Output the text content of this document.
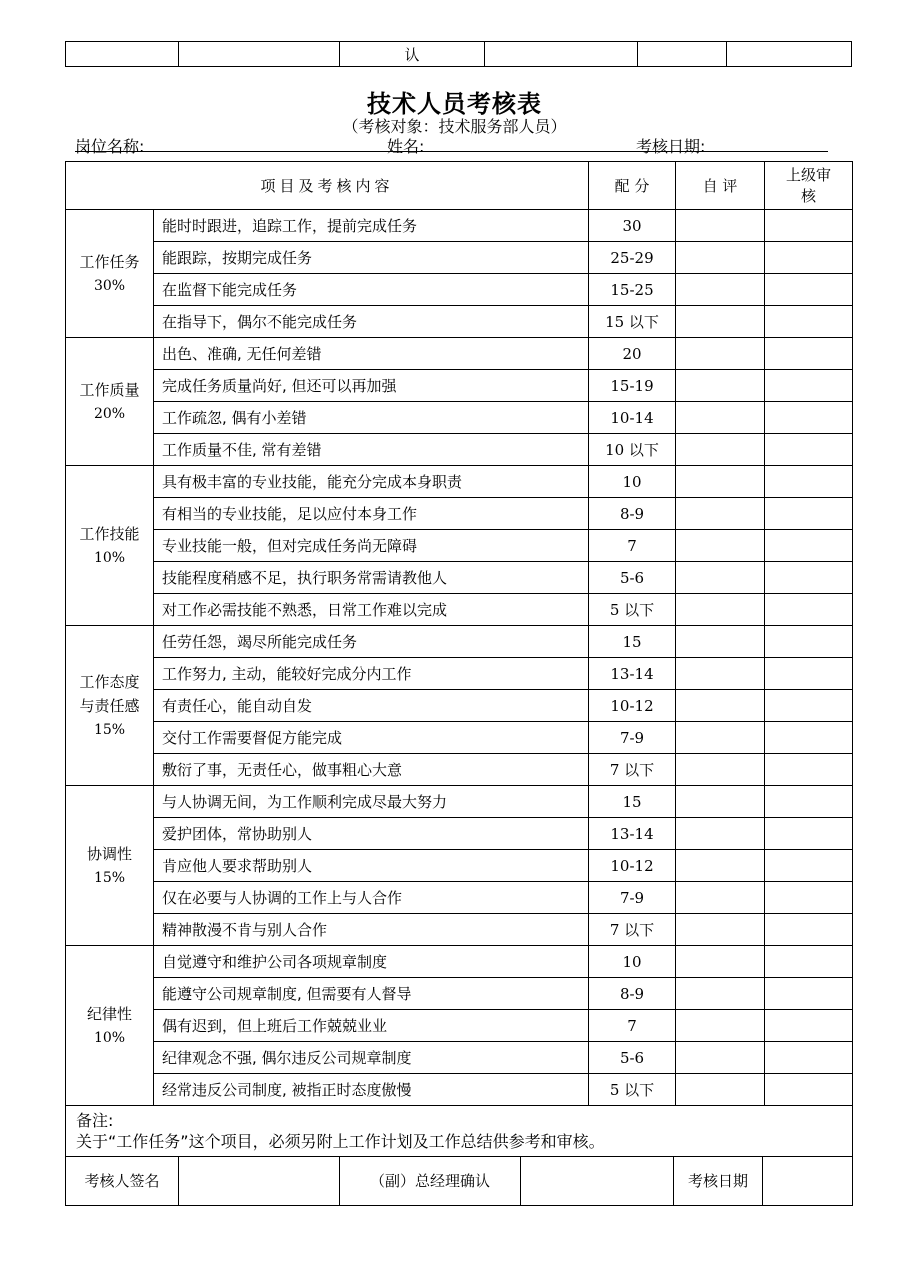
		认			
技术人员考核表
（考核对象：技术服务部人员）
岗位名称:	姓名:	考核日期:
项目及考核内容	配 分	自 评	上级审核

工作任务
30%
	能时时跟进，追踪工作，提前完成任务	30		
能跟踪，按期完成任务	25-29		
在监督下能完成任务	15-25		
在指导下，偶尔不能完成任务	15 以下		

工作质量
20%
	出色、准确, 无任何差错	20		
完成任务质量尚好, 但还可以再加强	15-19		
工作疏忽, 偶有小差错	10-14		
工作质量不佳, 常有差错	10 以下		

工作技能
10%
	具有极丰富的专业技能，能充分完成本身职责	10		
有相当的专业技能，足以应付本身工作	8-9		
专业技能一般，但对完成任务尚无障碍	7		
技能程度稍感不足，执行职务常需请教他人	5-6		
对工作必需技能不熟悉，日常工作难以完成	5 以下		

工作态度与责任感
15%
	任劳任怨，竭尽所能完成任务	15		
工作努力, 主动，能较好完成分内工作	13-14		
有责任心，能自动自发	10-12		
交付工作需要督促方能完成	7-9		
敷衍了事，无责任心，做事粗心大意	7 以下		

协调性
15%
	与人协调无间，为工作顺利完成尽最大努力	15		
爱护团体，常协助别人	13-14		
肯应他人要求帮助别人	10-12		
仅在必要与人协调的工作上与人合作	7-9		
精神散漫不肯与别人合作	7 以下		

纪律性
10%
	自觉遵守和维护公司各项规章制度	10		
能遵守公司规章制度, 但需要有人督导	8-9		
偶有迟到，但上班后工作兢兢业业	7		
纪律观念不强, 偶尔违反公司规章制度	5-6		
经常违反公司制度, 被指正时态度傲慢	5 以下		

备注:
关于“工作任务”这个项目，必须另附上工作计划及工作总结供参考和审核。

考核人签名		（副）总经理确认		考核日期	
